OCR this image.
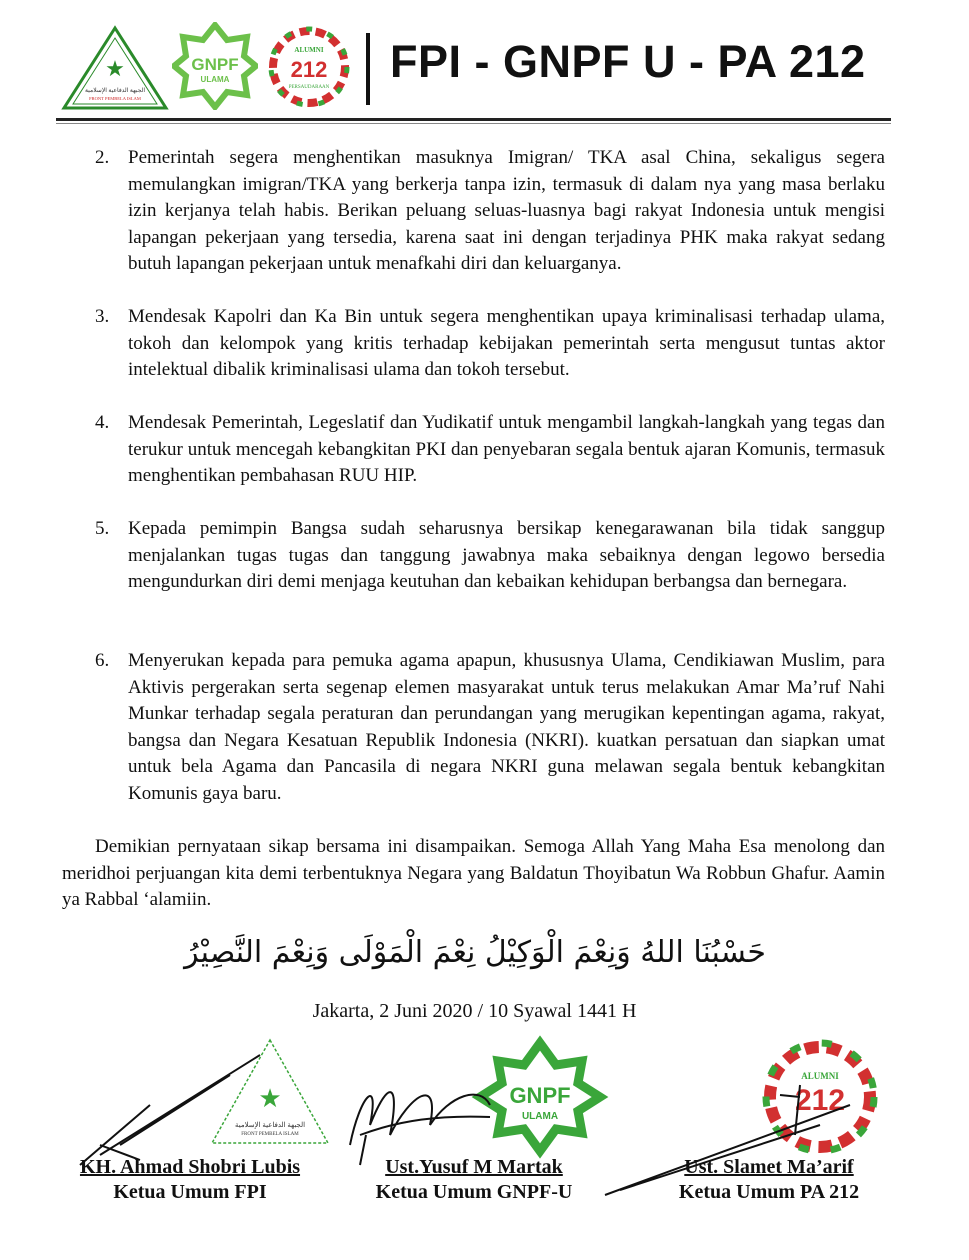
★
الجبهة الدفاعية الإسلامية
FRONT PEMBELA ISLAM
GNPF
ULAMA
ALUMNI
212
PERSAUDARAAN
FPI - GNPF U - PA 212
2. Pemerintah segera menghentikan masuknya Imigran/ TKA asal China, sekaligus segera memulangkan imigran/TKA yang berkerja tanpa izin, termasuk di dalam nya yang masa berlaku izin kerjanya telah habis. Berikan peluang seluas-luasnya bagi rakyat Indonesia untuk mengisi lapangan pekerjaan yang tersedia, karena saat ini dengan terjadinya PHK maka rakyat sedang butuh lapangan pekerjaan untuk menafkahi diri dan keluarganya.
3. Mendesak Kapolri dan Ka Bin untuk segera menghentikan upaya kriminalisasi terhadap ulama, tokoh dan kelompok yang kritis terhadap kebijakan pemerintah serta mengusut tuntas aktor intelektual dibalik kriminalisasi ulama dan tokoh tersebut.
4. Mendesak Pemerintah, Legeslatif dan Yudikatif untuk mengambil langkah-langkah yang tegas dan terukur untuk mencegah kebangkitan PKI dan penyebaran segala bentuk ajaran Komunis, termasuk menghentikan pembahasan RUU HIP.
5. Kepada pemimpin Bangsa sudah seharusnya bersikap kenegarawanan bila tidak sanggup menjalankan tugas tugas dan tanggung jawabnya maka sebaiknya dengan legowo bersedia mengundurkan diri demi menjaga keutuhan dan kebaikan kehidupan berbangsa dan bernegara.
6. Menyerukan kepada para pemuka agama apapun, khususnya Ulama, Cendikiawan Muslim, para Aktivis pergerakan serta segenap elemen masyarakat untuk terus melakukan Amar Ma’ruf Nahi Munkar terhadap segala peraturan dan perundangan yang merugikan kepentingan agama, rakyat, bangsa dan Negara Kesatuan Republik Indonesia (NKRI). kuatkan persatuan dan siapkan umat untuk bela Agama dan Pancasila di negara NKRI guna melawan segala bentuk kebangkitan Komunis gaya baru.
Demikian pernyataan sikap bersama ini disampaikan. Semoga Allah Yang Maha Esa menolong dan meridhoi perjuangan kita demi terbentuknya Negara yang Baldatun Thoyibatun Wa Robbun Ghafur. Aamin ya Rabbal ‘alamiin.
حَسْبُنَا اللهُ وَنِعْمَ الْوَكِيْلُ نِعْمَ الْمَوْلَى وَنِعْمَ النَّصِيْرُ
Jakarta, 2 Juni 2020 / 10 Syawal 1441 H
★
الجبهة الدفاعية الإسلامية
FRONT PEMBELA ISLAM
GNPF
ULAMA
ALUMNI
212
KH. Ahmad Shobri Lubis
Ketua Umum FPI
Ust.Yusuf M Martak
Ketua Umum GNPF-U
Ust. Slamet Ma’arif
Ketua Umum PA 212
